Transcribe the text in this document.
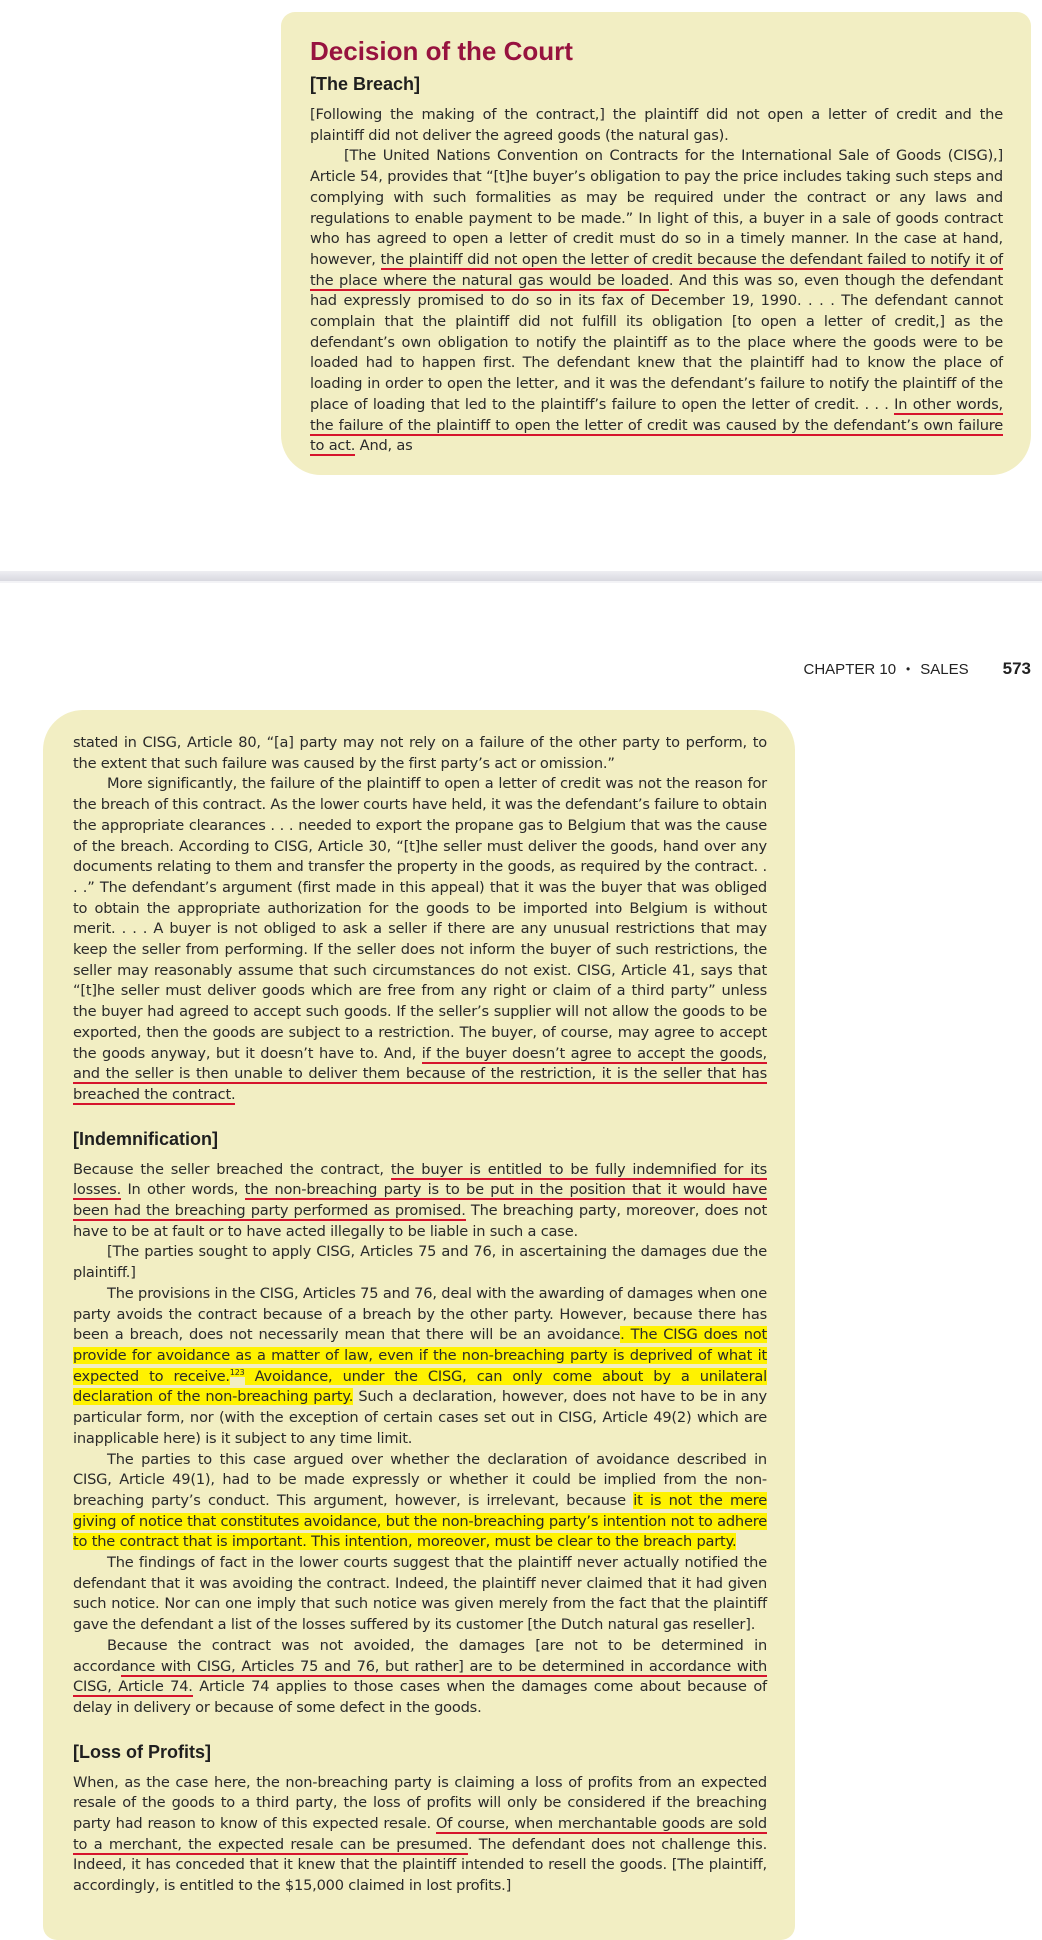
Decision of the Court
[The Breach]

[Following the making of the contract,] the plaintiff did not open a letter of credit and the plaintiff did not deliver the agreed goods (the natural gas).

[The United Nations Convention on Contracts for the International Sale of Goods (CISG),] Article 54, provides that “[t]he buyer’s obligation to pay the price includes taking such steps and complying with such formalities as may be required under the contract or any laws and regulations to enable payment to be made.” In light of this, a buyer in a sale of goods contract who has agreed to open a letter of credit must do so in a timely manner. In the case at hand, however, the plaintiff did not open the letter of credit because the defendant failed to notify it of the place where the natural gas would be loaded. And this was so, even though the defendant had expressly promised to do so in its fax of December 19, 1990. . . . The defendant cannot complain that the plaintiff did not fulfill its obligation [to open a letter of credit,] as the defendant’s own obligation to notify the plaintiff as to the place where the goods were to be loaded had to happen first. The defendant knew that the plaintiff had to know the place of loading in order to open the letter, and it was the defendant’s failure to notify the plaintiff of the place of loading that led to the plaintiff’s failure to open the letter of credit. . . . In other words, the failure of the plaintiff to open the letter of credit was caused by the defendant’s own failure to act. And, as

CHAPTER 10 • SALES 573

stated in CISG, Article 80, “[a] party may not rely on a failure of the other party to perform, to the extent that such failure was caused by the first party’s act or omission.”

More significantly, the failure of the plaintiff to open a letter of credit was not the reason for the breach of this contract. As the lower courts have held, it was the defendant’s failure to obtain the appropriate clearances . . . needed to export the propane gas to Belgium that was the cause of the breach. According to CISG, Article 30, “[t]he seller must deliver the goods, hand over any documents relating to them and transfer the property in the goods, as required by the contract. . . .” The defendant’s argument (first made in this appeal) that it was the buyer that was obliged to obtain the appropriate authorization for the goods to be imported into Belgium is without merit. . . . A buyer is not obliged to ask a seller if there are any unusual restrictions that may keep the seller from performing. If the seller does not inform the buyer of such restrictions, the seller may reasonably assume that such circumstances do not exist. CISG, Article 41, says that “[t]he seller must deliver goods which are free from any right or claim of a third party” unless the buyer had agreed to accept such goods. If the seller’s supplier will not allow the goods to be exported, then the goods are subject to a restriction. The buyer, of course, may agree to accept the goods anyway, but it doesn’t have to. And, if the buyer doesn’t agree to accept the goods, and the seller is then unable to deliver them because of the restriction, it is the seller that has breached the contract.

[Indemnification]

Because the seller breached the contract, the buyer is entitled to be fully indemnified for its losses. In other words, the non-breaching party is to be put in the position that it would have been had the breaching party performed as promised. The breaching party, moreover, does not have to be at fault or to have acted illegally to be liable in such a case.

[The parties sought to apply CISG, Articles 75 and 76, in ascertaining the damages due the plaintiff.]

The provisions in the CISG, Articles 75 and 76, deal with the awarding of damages when one party avoids the contract because of a breach by the other party. However, because there has been a breach, does not necessarily mean that there will be an avoidance. The CISG does not provide for avoidance as a matter of law, even if the non-breaching party is deprived of what it expected to receive.$^{123}$ Avoidance, under the CISG, can only come about by a unilateral declaration of the non-breaching party. Such a declaration, however, does not have to be in any particular form, nor (with the exception of certain cases set out in CISG, Article 49(2) which are inapplicable here) is it subject to any time limit.

The parties to this case argued over whether the declaration of avoidance described in CISG, Article 49(1), had to be made expressly or whether it could be implied from the non-breaching party’s conduct. This argument, however, is irrelevant, because it is not the mere giving of notice that constitutes avoidance, but the non-breaching party’s intention not to adhere to the contract that is important. This intention, moreover, must be clear to the breach party.

The findings of fact in the lower courts suggest that the plaintiff never actually notified the defendant that it was avoiding the contract. Indeed, the plaintiff never claimed that it had given such notice. Nor can one imply that such notice was given merely from the fact that the plaintiff gave the defendant a list of the losses suffered by its customer [the Dutch natural gas reseller].

Because the contract was not avoided, the damages [are not to be determined in accordance with CISG, Articles 75 and 76, but rather] are to be determined in accordance with CISG, Article 74. Article 74 applies to those cases when the damages come about because of delay in delivery or because of some defect in the goods.

[Loss of Profits]

When, as the case here, the non-breaching party is claiming a loss of profits from an expected resale of the goods to a third party, the loss of profits will only be considered if the breaching party had reason to know of this expected resale. Of course, when merchantable goods are sold to a merchant, the expected resale can be presumed. The defendant does not challenge this. Indeed, it has conceded that it knew that the plaintiff intended to resell the goods. [The plaintiff, accordingly, is entitled to the $15,000 claimed in lost profits.]
